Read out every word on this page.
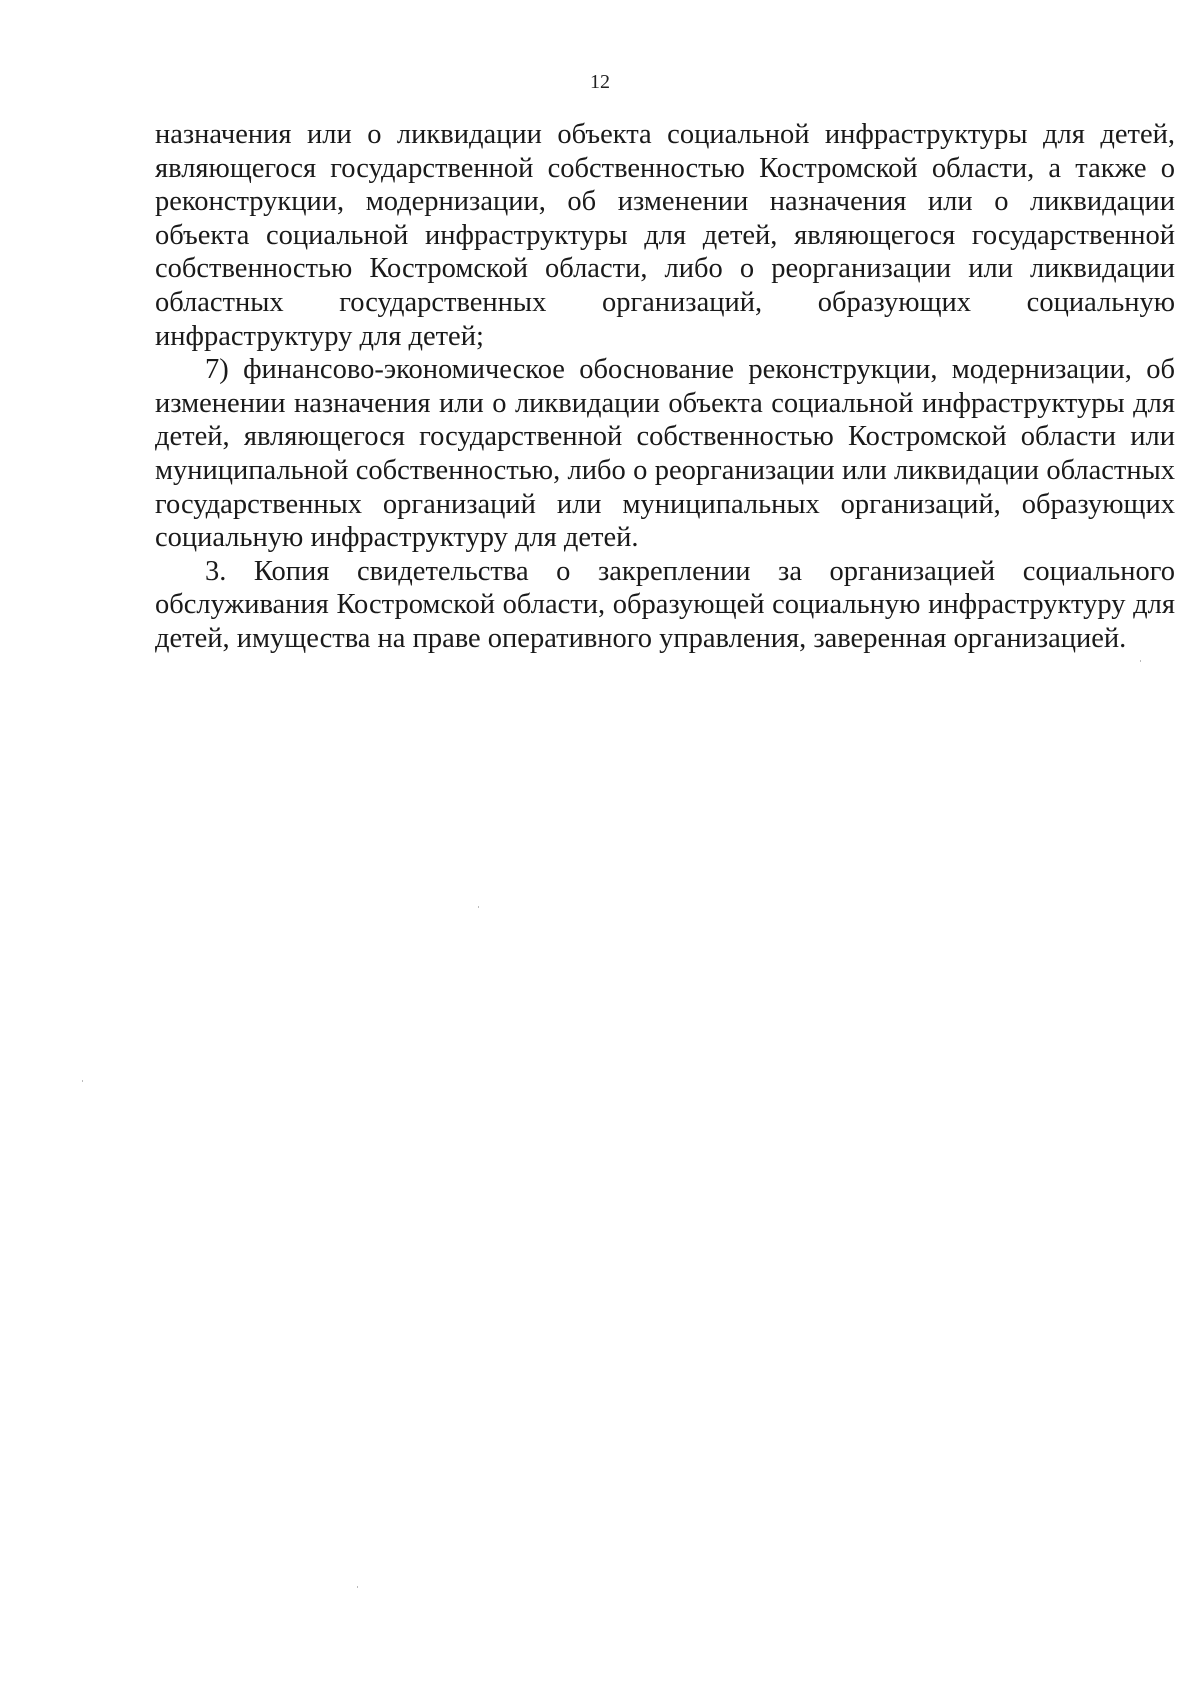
12

назначения или о ликвидации объекта социальной инфраструктуры для детей, являющегося государственной собственностью Костромской области, а также о реконструкции, модернизации, об изменении назначения или о ликвидации объекта социальной инфраструктуры для детей, являющегося государственной собственностью Костромской области, либо о реорганизации или ликвидации областных государственных организаций, образующих социальную инфраструктуру для детей;

7) финансово-экономическое обоснование реконструкции, модернизации, об изменении назначения или о ликвидации объекта социальной инфраструктуры для детей, являющегося государственной собственностью Костромской области или муниципальной собственностью, либо о реорганизации или ликвидации областных государственных организаций или муниципальных организаций, образующих социальную инфраструктуру для детей.

3. Копия свидетельства о закреплении за организацией социального обслуживания Костромской области, образующей социальную инфраструктуру для детей, имущества на праве оперативного управления, заверенная организацией.
